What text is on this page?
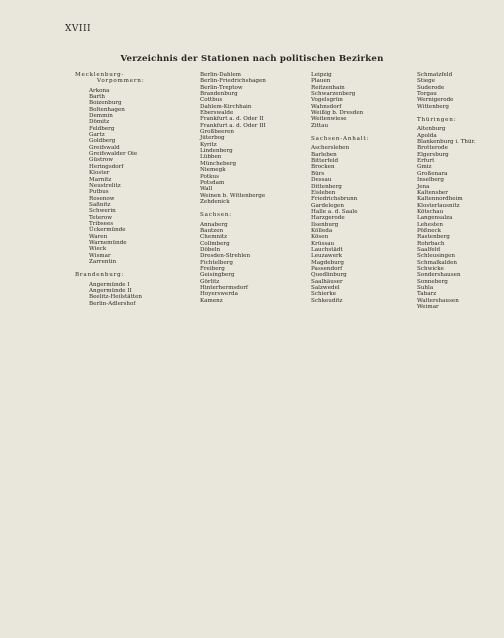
XVIII
Verzeichnis der Stationen nach politischen Bezirken
Mecklenburg-
Vorpommern:
Arkona
Barth
Boizenburg
Boltenhagen
Demmin
Dömitz
Feldberg
Gartz
Goldberg
Greifswald
Greifswalder Oie
Güstrow
Heringsdorf
Kloster
Marnitz
Neustrelitz
Putbus
Rosenow
Saßnitz
Schwerin
Teterow
Tribsees
Ückermünde
Waren
Warnemünde
Wieck
Wismar
Zarrentin
Brandenburg:
Angermünde I
Angermünde II
Beelitz-Heilstätten
Berlin-Adlershof
Berlin-Dahlem
Berlin-Friedrichshagen
Berlin-Treptow
Brandenburg
Cottbus
Dahlem-Kirchhain
Eberswalde
Frankfurt a. d. Oder II
Frankfurt a. d. Oder III
Großbeeren
Jüterbog
Kyritz
Lindenberg
Lübben
Müncheberg
Niemegk
Potkus
Potsdam
Wall
Weinen b. Wittenberge
Zehdenick
Sachsen:
Annaberg
Bautzen
Chemnitz
Collmberg
Döbeln
Dresden-Strehlen
Fichtelberg
Freiberg
Geisingberg
Görlitz
Hinterhermsdorf
Hoyerswerda
Kamenz
Leipzig
Plauen
Reitzenhain
Schwarzenberg
Vogelsgrün
Wahnsdorf
Weißig b. Dresden
Weitenwiese
Zittau
Sachsen-Anhalt:
Aschersleben
Barleben
Bitterfeld
Brocken
Bürs
Dessau
Dittenberg
Eisleben
Friedrichsbrunn
Gardelegen
Halle a. d. Saale
Harzgerode
Ilsenburg
Kölleda
Kösen
Krüssau
Lauchstädt
Leuzawerk
Magdeburg
Passendorf
Quedlinburg
Saalhäuser
Salzwedel
Schierke
Schkeuditz
Schmatzfeld
Stiege
Suderode
Torgau
Wernigerode
Wittenberg
Thüringen:
Altenburg
Apolda
Blankenburg i. Thür.
Brotterode
Elgersburg
Erfurt
Gmiz
Großenara
Inselberg
Jena
Kaltensber
Kaltennordheim
Klosterlausnitz
Kötschau
Langensalza
Lehesten
Pößneck
Rastenberg
Rohrbach
Saalfeld
Schleusingen
Schmalkalden
Schwicke
Sondershausen
Sonneberg
Suhla
Tabarz
Waltershausen
Weimar
